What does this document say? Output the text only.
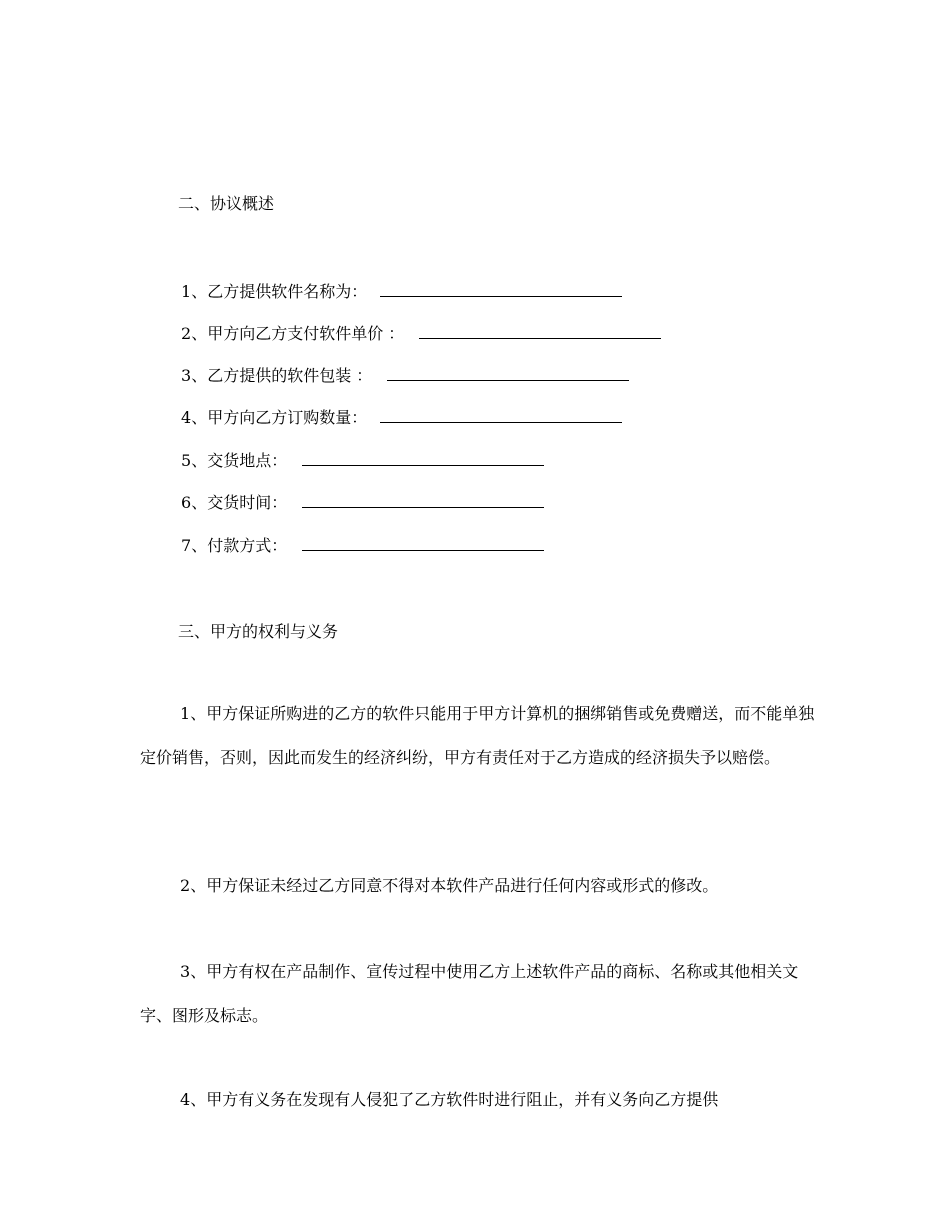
二、协议概述
1、乙方提供软件名称为：
2、甲方向乙方支付软件单价 ：
3、乙方提供的软件包装 ：
4、甲方向乙方订购数量：
5、交货地点：
6、交货时间：
7、付款方式：
三、甲方的权利与义务
1、甲方保证所购进的乙方的软件只能用于甲方计算机的捆绑销售或免费赠送，而不能单独定价销售，否则，因此而发生的经济纠纷，甲方有责任对于乙方造成的经济损失予以赔偿。
2、甲方保证未经过乙方同意不得对本软件产品进行任何内容或形式的修改。
3、甲方有权在产品制作、宣传过程中使用乙方上述软件产品的商标、名称或其他相关文字、图形及标志。
4、甲方有义务在发现有人侵犯了乙方软件时进行阻止，并有义务向乙方提供
